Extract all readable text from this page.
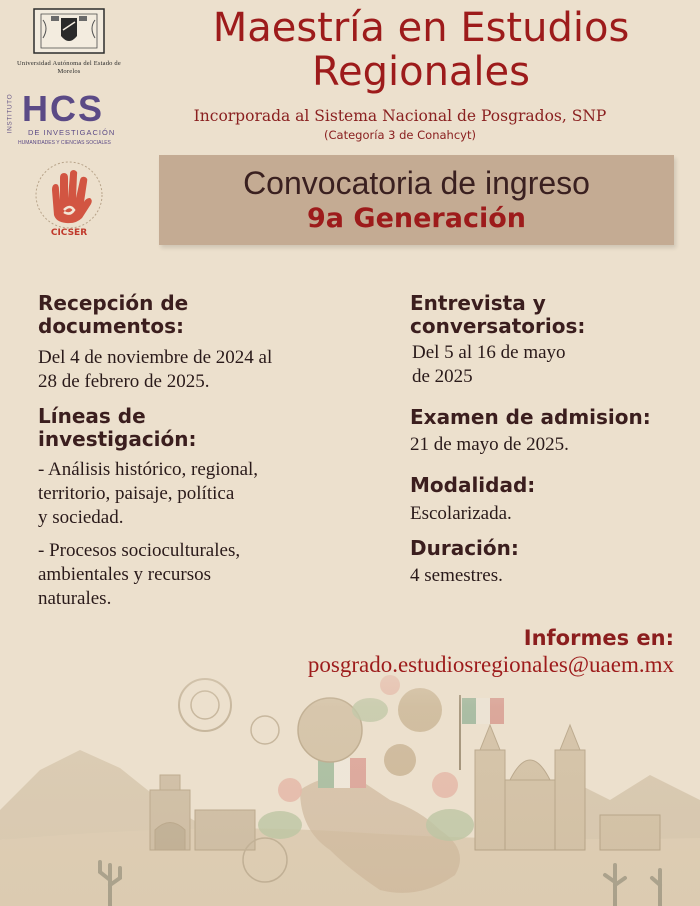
Universidad Autónoma del Estado de Morelos
INSTITUTO HCS
DE INVESTIGACIÓN
HUMANIDADES Y CIENCIAS SOCIALES
CICSER
Maestría en Estudios
Regionales
Incorporada al Sistema Nacional de Posgrados, SNP
(Categoría 3 de Conahcyt)
Convocatoria de ingreso
9a Generación
Recepción de
documentos:
Del 4 de noviembre de 2024 al
28 de febrero de 2025.
Líneas de
investigación:
- Análisis histórico, regional,
territorio, paisaje, política
y sociedad.
- Procesos socioculturales,
ambientales y recursos
naturales.
Entrevista y
conversatorios:
Del 5 al 16 de mayo
de 2025
Examen de admision:
21 de mayo de 2025.
Modalidad:
Escolarizada.
Duración:
4 semestres.
Informes en:
posgrado.estudiosregionales@uaem.mx
